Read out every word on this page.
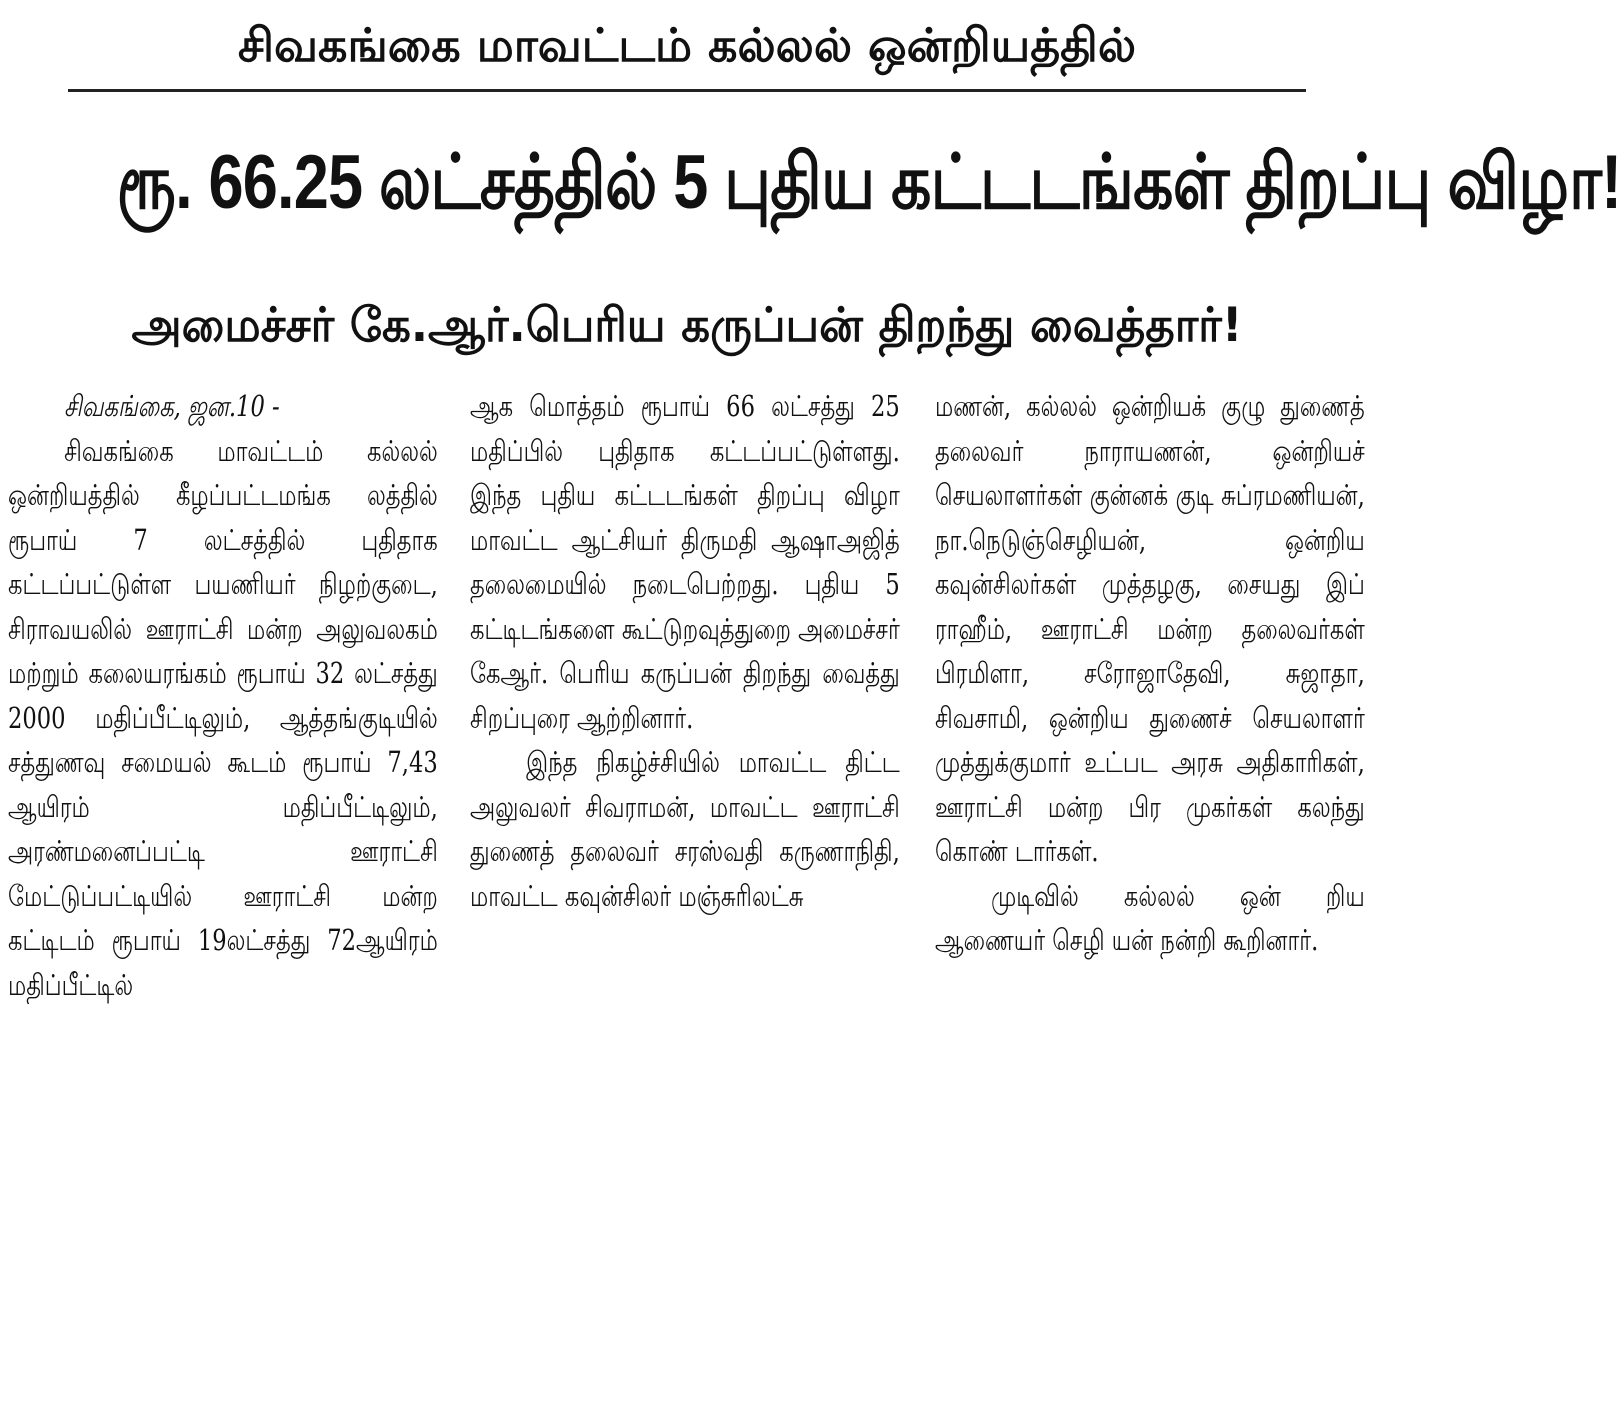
சிவகங்கை மாவட்டம் கல்லல் ஒன்றியத்தில்
ரூ. 66.25 லட்சத்தில் 5 புதிய கட்டடங்கள் திறப்பு விழா!
அமைச்சர் கே.ஆர்.பெரிய கருப்பன் திறந்து வைத்தார்!

சிவகங்கை, ஜன.10 -

சிவகங்கை மாவட்டம் கல்லல் ஒன்றியத்தில் கீழப்பட்டமங்க லத்தில் ரூபாய் 7 லட்சத்தில் புதிதாக கட்டப்பட்டுள்ள பயணியர் நிழற்குடை, சிராவயலில் ஊராட்சி மன்ற அலுவலகம் மற்றும் கலையரங்கம் ரூபாய் 32 லட்சத்து 2000 மதிப்பீட்டிலும், ஆத்தங்குடியில் சத்துணவு சமையல் கூடம் ரூபாய் 7,43 ஆயிரம் மதிப்பீட்டிலும், அரண்மனைப்பட்டி ஊராட்சி மேட்டுப்பட்டியில் ஊராட்சி மன்ற கட்டிடம் ரூபாய் 19லட்சத்து 72ஆயிரம் மதிப்பீட்டில்

ஆக மொத்தம் ரூபாய் 66 லட்சத்து 25 மதிப்பில் புதிதாக கட்டப்பட்டுள்ளது. இந்த புதிய கட்டடங்கள் திறப்பு விழா மாவட்ட ஆட்சியர் திருமதி ஆஷாஅஜித் தலைமையில் நடைபெற்றது. புதிய 5 கட்டிடங்களை கூட்டுறவுத்துறை அமைச்சர் கேஆர். பெரிய கருப்பன் திறந்து வைத்து சிறப்புரை ஆற்றினார்.

இந்த நிகழ்ச்சியில் மாவட்ட திட்ட அலுவலர் சிவராமன், மாவட்ட ஊராட்சி துணைத் தலைவர் சரஸ்வதி கருணாநிதி, மாவட்ட கவுன்சிலர் மஞ்சுரிலட்சு

மணன், கல்லல் ஒன்றியக் குழு துணைத் தலைவர் நாராயணன், ஒன்றியச் செயலாளர்கள் குன்னக் குடி சுப்ரமணியன், நா.நெடுஞ்செழியன், ஒன்றிய கவுன்சிலர்கள் முத்தழகு, சையது இப் ராஹீம், ஊராட்சி மன்ற தலைவர்கள் பிரமிளா, சரோஜாதேவி, சுஜாதா, சிவசாமி, ஒன்றிய துணைச் செயலாளர் முத்துக்குமார் உட்பட அரசு அதிகாரிகள், ஊராட்சி மன்ற பிர முகர்கள் கலந்து கொண் டார்கள்.

முடிவில் கல்லல் ஒன் றிய ஆணையர் செழி யன் நன்றி கூறினார்.
